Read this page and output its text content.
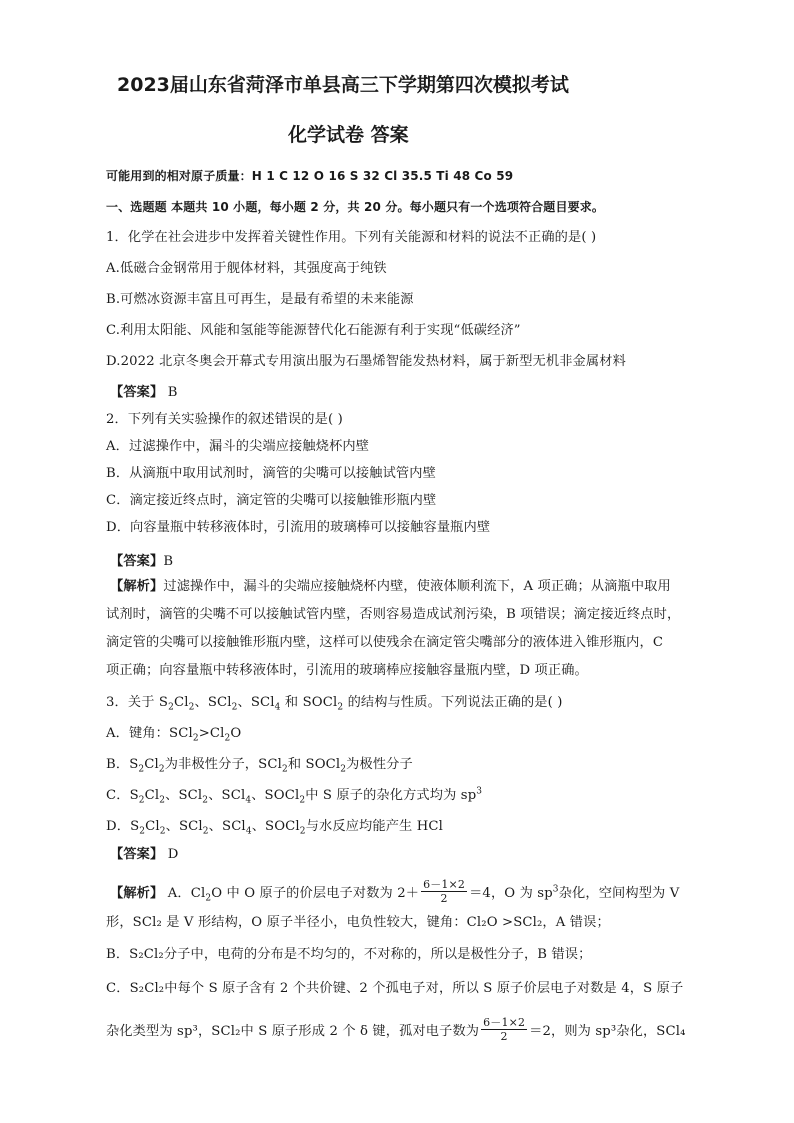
2023届山东省菏泽市单县高三下学期第四次模拟考试
化学试卷 答案
可能用到的相对原子质量：H 1 C 12 O 16 S 32 Cl 35.5 Ti 48 Co 59
一、选题题 本题共 10 小题，每小题 2 分，共 20 分。每小题只有一个选项符合题目要求。
1．化学在社会进步中发挥着关键性作用。下列有关能源和材料的说法不正确的是( )
A.低磁合金钢常用于舰体材料，其强度高于纯铁
B.可燃冰资源丰富且可再生，是最有希望的未来能源
C.利用太阳能、风能和氢能等能源替代化石能源有利于实现“低碳经济”
D.2022 北京冬奥会开幕式专用演出服为石墨烯智能发热材料，属于新型无机非金属材料
【答案】 B
2．下列有关实验操作的叙述错误的是( )
A．过滤操作中，漏斗的尖端应接触烧杯内壁
B．从滴瓶中取用试剂时，滴管的尖嘴可以接触试管内壁
C．滴定接近终点时，滴定管的尖嘴可以接触锥形瓶内壁
D．向容量瓶中转移液体时，引流用的玻璃棒可以接触容量瓶内壁
【答案】B
【解析】过滤操作中，漏斗的尖端应接触烧杯内壁，使液体顺利流下，A 项正确；从滴瓶中取用
试剂时，滴管的尖嘴不可以接触试管内壁，否则容易造成试剂污染，B 项错误；滴定接近终点时，
滴定管的尖嘴可以接触锥形瓶内壁，这样可以使残余在滴定管尖嘴部分的液体进入锥形瓶内，C
项正确；向容量瓶中转移液体时，引流用的玻璃棒应接触容量瓶内壁，D 项正确。
3．关于 $S_2Cl_2$、SCl$_2$、SCl$_4$ 和 SOCl$_2$ 的结构与性质。下列说法正确的是( )
A．键角：$SCl_2>Cl_2O$
B．$S_2Cl_2$为非极性分子，SCl$_2$和 SOCl$_2$为极性分子
C．$S_2Cl_2$、SCl$_2$、SCl$_4$、SOCl$_2$中 S 原子的杂化方式均为 $sp^3$
D．$S_2Cl_2$、SCl$_2$、SCl$_4$、SOCl$_2$与水反应均能产生 HCl
【答案】 D
【解析】 A．$Cl_2O$ 中 O 原子的价层电子对数为 $2+ \frac{6-1\times 2}{2} =4$，O 为 $sp^3$杂化，空间构型为 V
形，SCl₂ 是 V 形结构，O 原子半径小，电负性较大，键角：Cl₂O >SCl₂，A 错误；
B．S₂Cl₂分子中，电荷的分布是不均匀的，不对称的，所以是极性分子，B 错误；
C．S₂Cl₂中每个 S 原子含有 2 个共价键、2 个孤电子对，所以 S 原子价层电子对数是 4，S 原子
杂化类型为 sp³，SCl₂中 S 原子形成 2 个 δ 键，孤对电子数为 $\frac{6-1\times 2}{2} =2$，则为 sp³杂化，SCl₄
